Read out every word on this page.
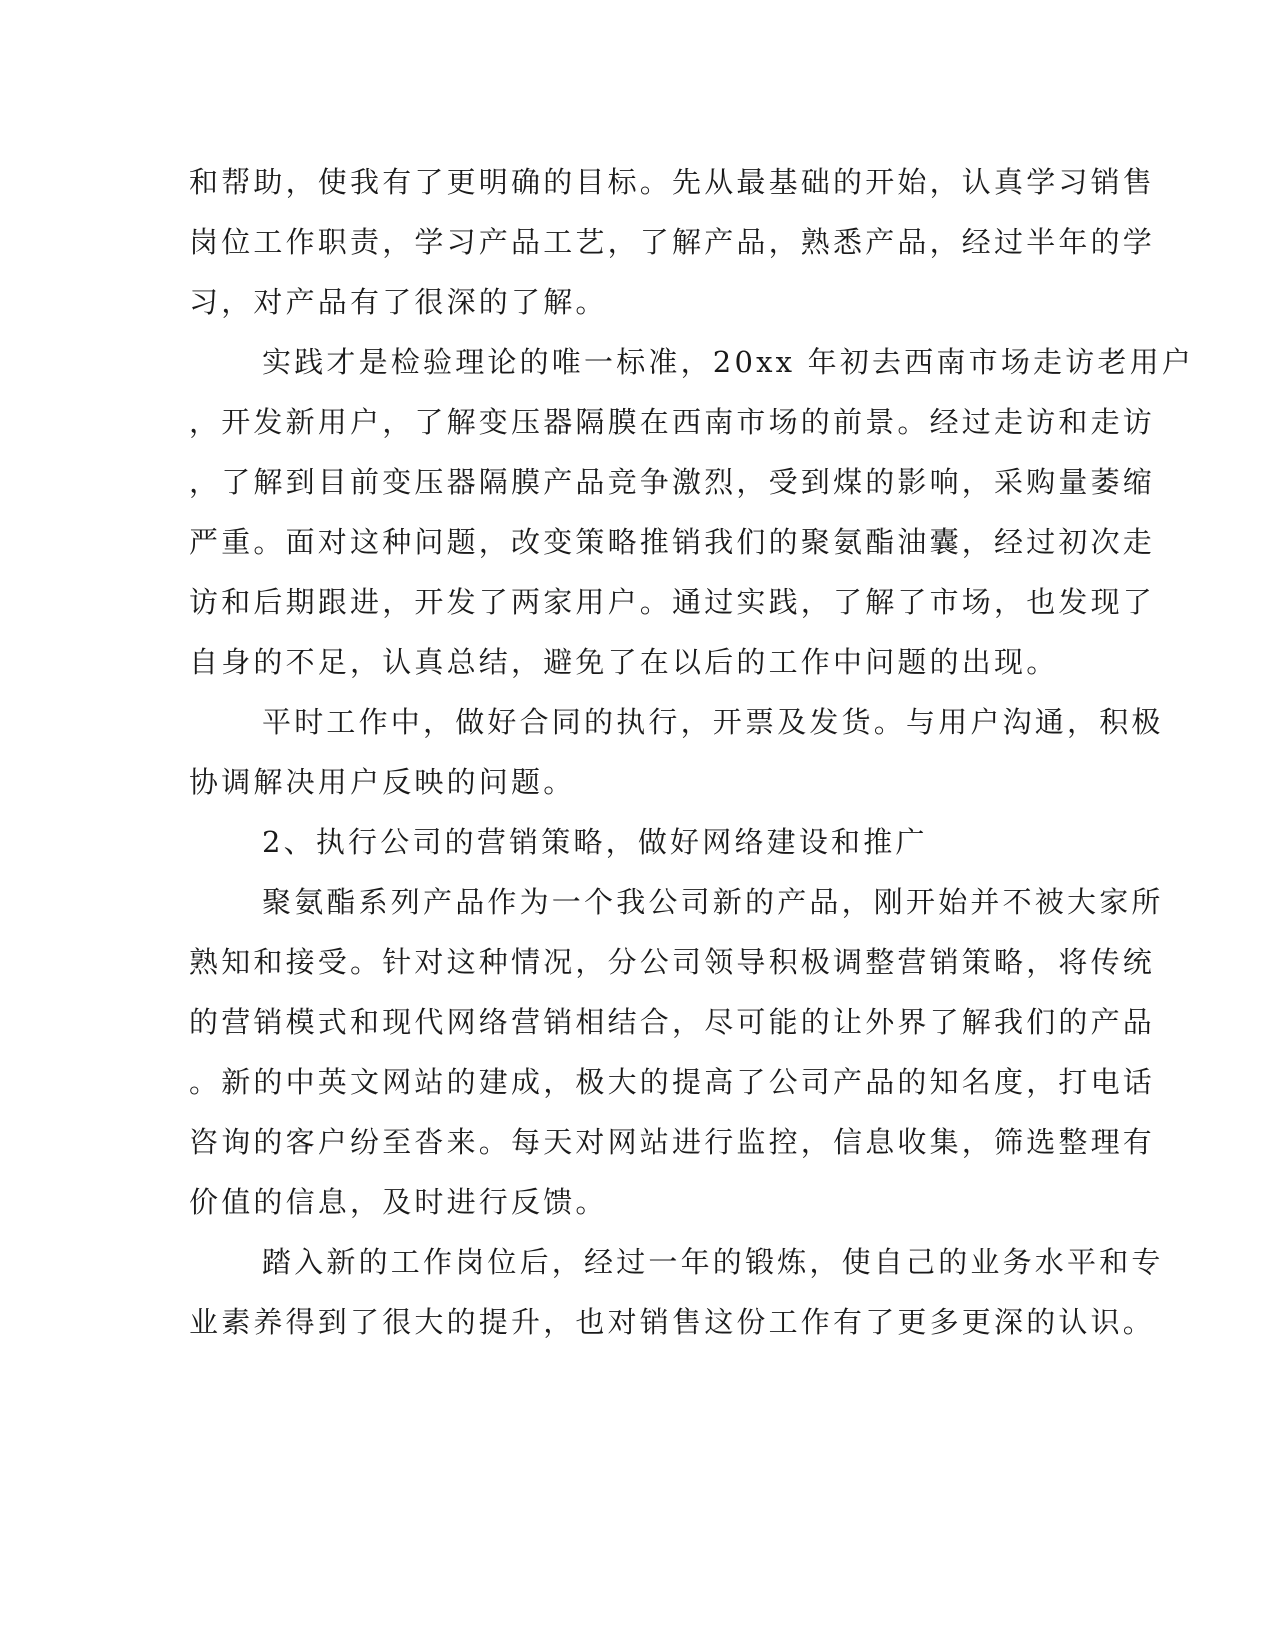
和帮助，使我有了更明确的目标。先从最基础的开始，认真学习销售
岗位工作职责，学习产品工艺，了解产品，熟悉产品，经过半年的学
习，对产品有了很深的了解。
实践才是检验理论的唯一标准，20xx 年初去西南市场走访老用户
，开发新用户，了解变压器隔膜在西南市场的前景。经过走访和走访
，了解到目前变压器隔膜产品竞争激烈，受到煤的影响，采购量萎缩
严重。面对这种问题，改变策略推销我们的聚氨酯油囊，经过初次走
访和后期跟进，开发了两家用户。通过实践，了解了市场，也发现了
自身的不足，认真总结，避免了在以后的工作中问题的出现。
平时工作中，做好合同的执行，开票及发货。与用户沟通，积极
协调解决用户反映的问题。
2、执行公司的营销策略，做好网络建设和推广
聚氨酯系列产品作为一个我公司新的产品，刚开始并不被大家所
熟知和接受。针对这种情况，分公司领导积极调整营销策略，将传统
的营销模式和现代网络营销相结合，尽可能的让外界了解我们的产品
。新的中英文网站的建成，极大的提高了公司产品的知名度，打电话
咨询的客户纷至沓来。每天对网站进行监控，信息收集，筛选整理有
价值的信息，及时进行反馈。
踏入新的工作岗位后，经过一年的锻炼，使自己的业务水平和专
业素养得到了很大的提升，也对销售这份工作有了更多更深的认识。
